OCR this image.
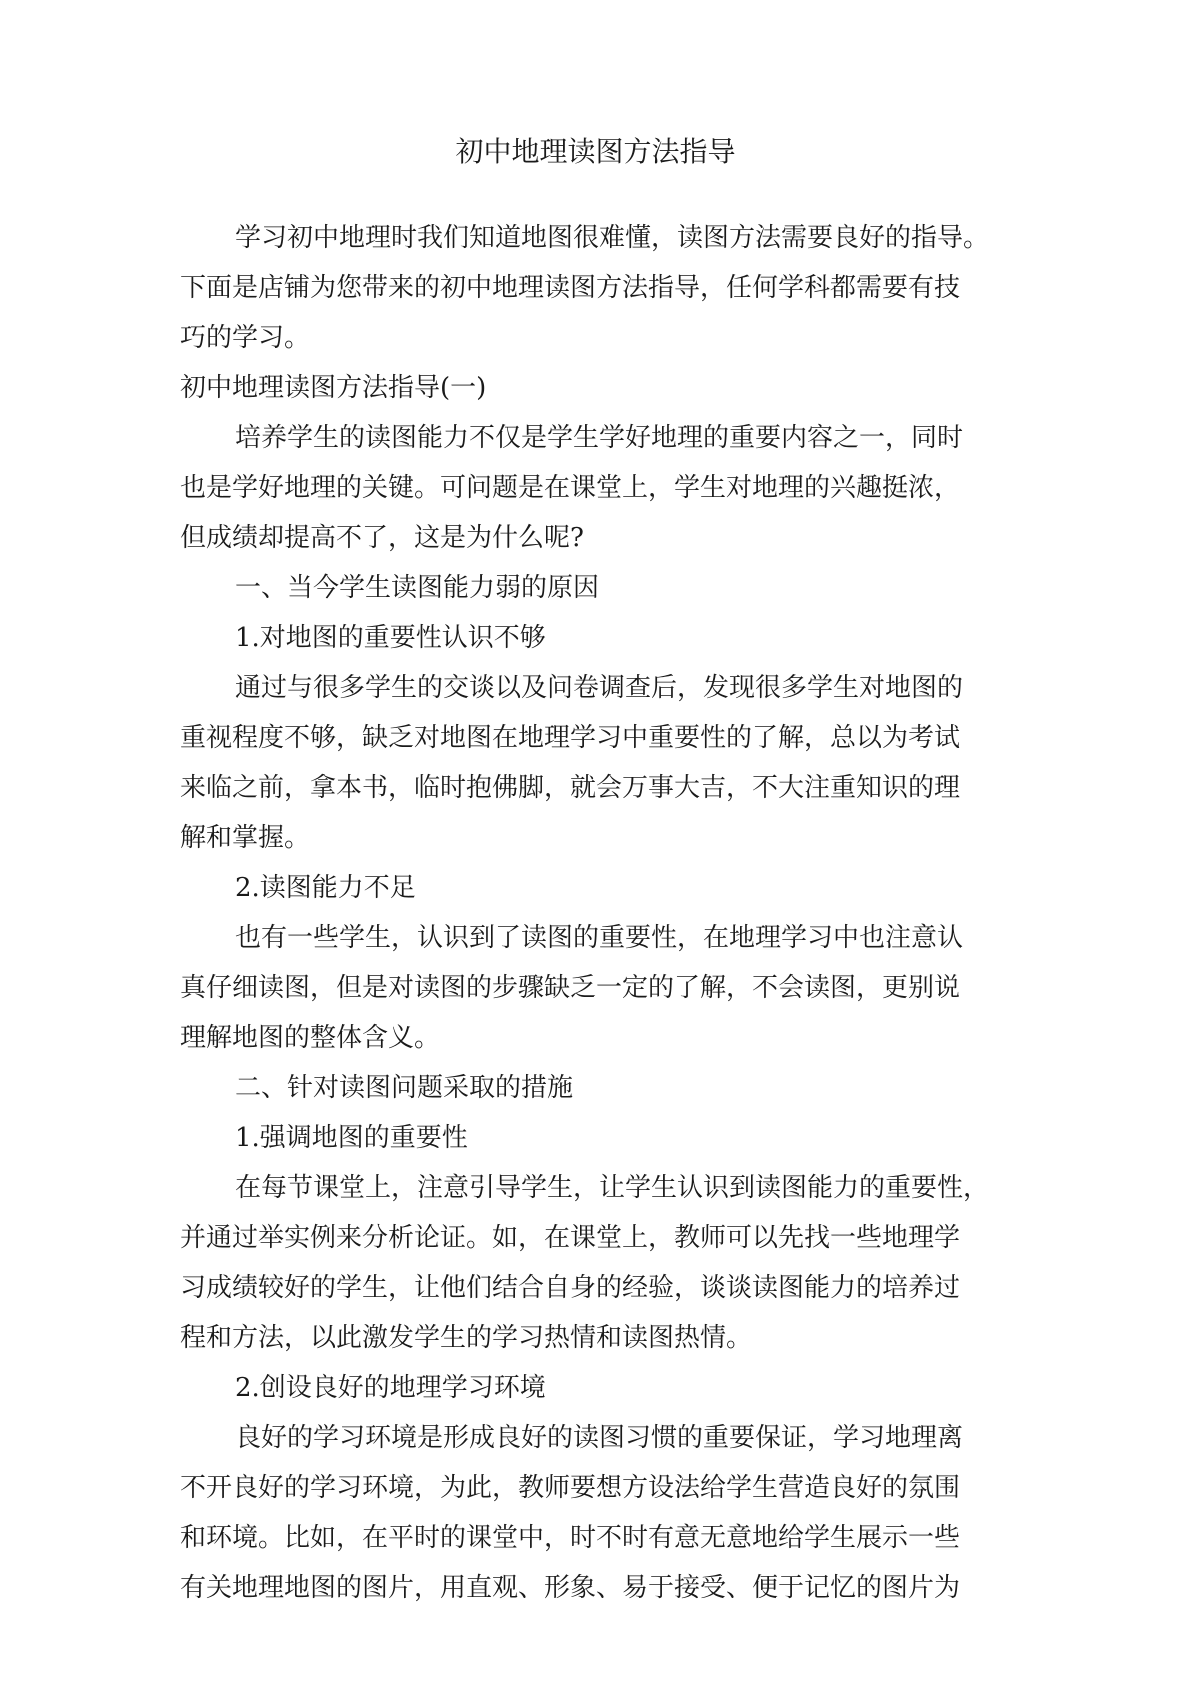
初中地理读图方法指导
学习初中地理时我们知道地图很难懂，读图方法需要良好的指导。
下面是店铺为您带来的初中地理读图方法指导，任何学科都需要有技
巧的学习。
初中地理读图方法指导(一)
培养学生的读图能力不仅是学生学好地理的重要内容之一，同时
也是学好地理的关键。可问题是在课堂上，学生对地理的兴趣挺浓，
但成绩却提高不了，这是为什么呢?
一、当今学生读图能力弱的原因
1.对地图的重要性认识不够
通过与很多学生的交谈以及问卷调查后，发现很多学生对地图的
重视程度不够，缺乏对地图在地理学习中重要性的了解，总以为考试
来临之前，拿本书，临时抱佛脚，就会万事大吉，不大注重知识的理
解和掌握。
2.读图能力不足
也有一些学生，认识到了读图的重要性，在地理学习中也注意认
真仔细读图，但是对读图的步骤缺乏一定的了解，不会读图，更别说
理解地图的整体含义。
二、针对读图问题采取的措施
1.强调地图的重要性
在每节课堂上，注意引导学生，让学生认识到读图能力的重要性，
并通过举实例来分析论证。如，在课堂上，教师可以先找一些地理学
习成绩较好的学生，让他们结合自身的经验，谈谈读图能力的培养过
程和方法，以此激发学生的学习热情和读图热情。
2.创设良好的地理学习环境
良好的学习环境是形成良好的读图习惯的重要保证，学习地理离
不开良好的学习环境，为此，教师要想方设法给学生营造良好的氛围
和环境。比如，在平时的课堂中，时不时有意无意地给学生展示一些
有关地理地图的图片，用直观、形象、易于接受、便于记忆的图片为
